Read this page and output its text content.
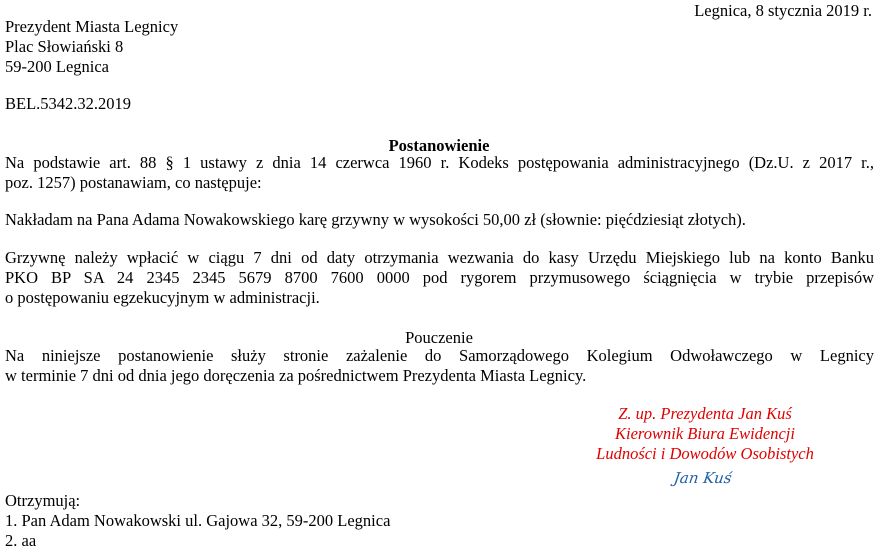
Legnica, 8 stycznia 2019 r.
Prezydent Miasta Legnicy
Plac Słowiański 8
59-200 Legnica
BEL.5342.32.2019
Postanowienie
Na podstawie art. 88 § 1 ustawy z dnia 14 czerwca 1960 r. Kodeks postępowania administracyjnego (Dz.U. z 2017 r.,
poz. 1257) postanawiam, co następuje:
Nakładam na Pana Adama Nowakowskiego karę grzywny w wysokości 50,00 zł (słownie: pięćdziesiąt złotych).
Grzywnę należy wpłacić w ciągu 7 dni od daty otrzymania wezwania do kasy Urzędu Miejskiego lub na konto Banku
PKO BP SA 24 2345 2345 5679 8700 7600 0000 pod rygorem przymusowego ściągnięcia w trybie przepisów
o postępowaniu egzekucyjnym w administracji.
Pouczenie
Na niniejsze postanowienie służy stronie zażalenie do Samorządowego Kolegium Odwoławczego w Legnicy
w terminie 7 dni od dnia jego doręczenia za pośrednictwem Prezydenta Miasta Legnicy.
Z. up. Prezydenta Jan Kuś
Kierownik Biura Ewidencji
Ludności i Dowodów Osobistych
Jan Kuś
Otrzymują:
1. Pan Adam Nowakowski ul. Gajowa 32, 59-200 Legnica
2. aa
